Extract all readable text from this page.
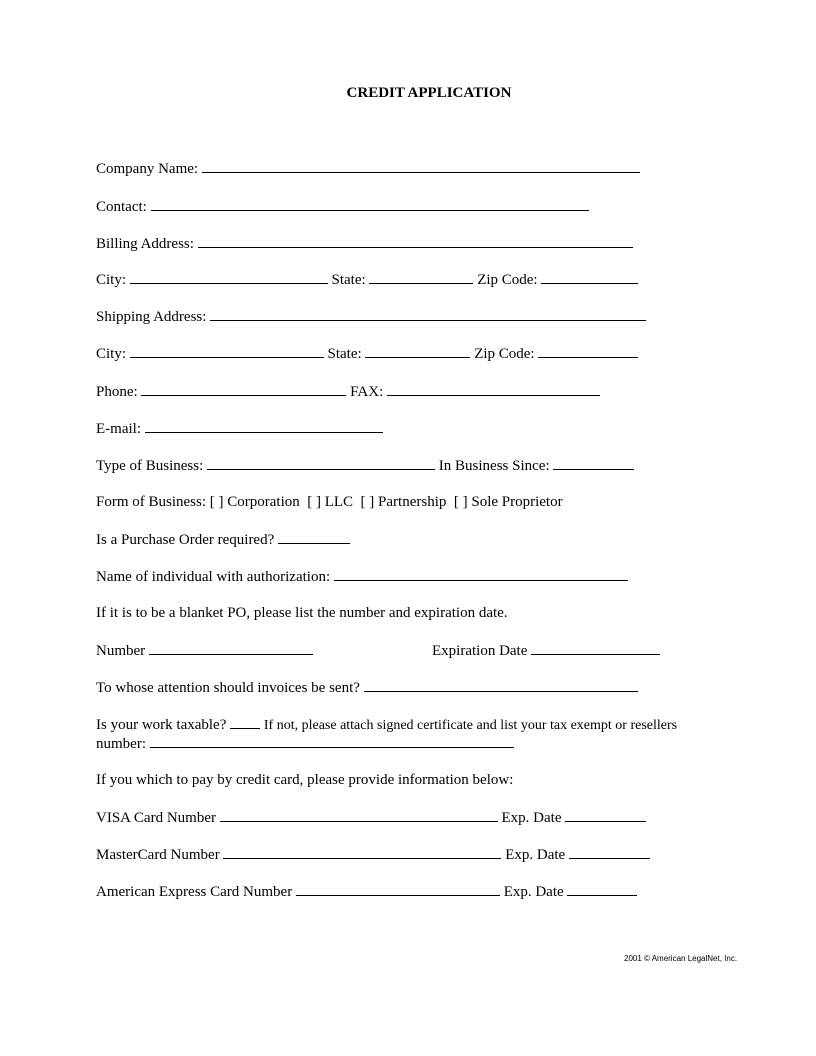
CREDIT APPLICATION
Company Name:
Contact:
Billing Address:
City:	State:	Zip Code:
Shipping Address:
City:	State:	Zip Code:
Phone:	FAX:
E-mail:
Type of Business:	In Business Since:
Form of Business: [ ] Corporation  [ ] LLC  [ ] Partnership  [ ] Sole Proprietor
Is a Purchase Order required?
Name of individual with authorization:
If it is to be a blanket PO, please list the number and expiration date.
Number	Expiration Date
To whose attention should invoices be sent?
Is your work taxable?	If not, please attach signed certificate and list your tax exempt or resellers
number:
If you which to pay by credit card, please provide information below:
VISA Card Number	Exp. Date
MasterCard Number	Exp. Date
American Express Card Number	Exp. Date
2001 © American LegalNet, Inc.
